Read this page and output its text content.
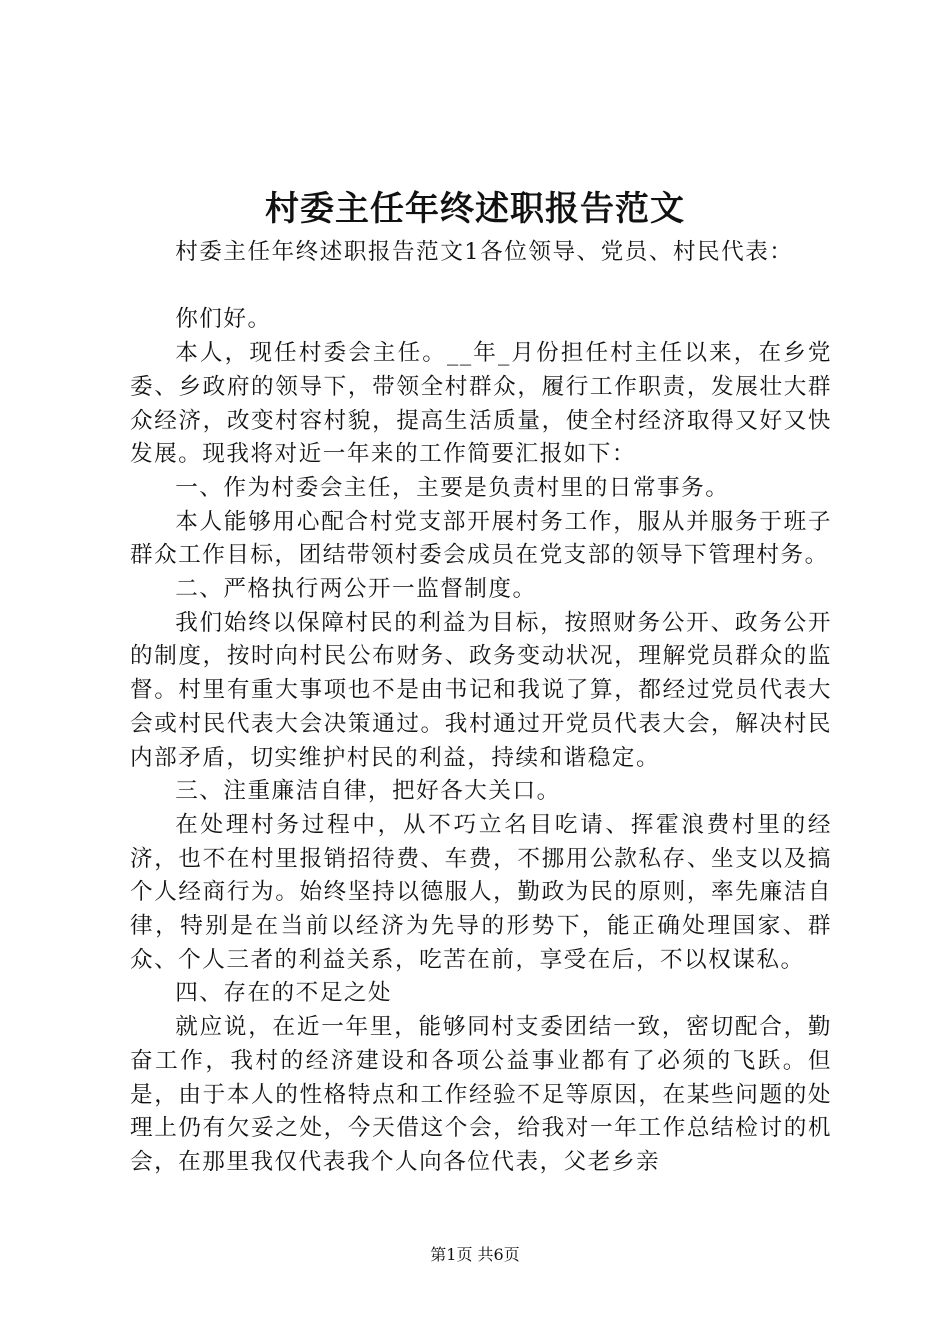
村委主任年终述职报告范文

村委主任年终述职报告范文1各位领导、党员、村民代表：

你们好。

本人，现任村委会主任。__年_月份担任村主任以来，在乡党委、乡政府的领导下，带领全村群众，履行工作职责，发展壮大群众经济，改变村容村貌，提高生活质量，使全村经济取得又好又快发展。现我将对近一年来的工作简要汇报如下：

一、作为村委会主任，主要是负责村里的日常事务。

本人能够用心配合村党支部开展村务工作，服从并服务于班子群众工作目标，团结带领村委会成员在党支部的领导下管理村务。

二、严格执行两公开一监督制度。

我们始终以保障村民的利益为目标，按照财务公开、政务公开的制度，按时向村民公布财务、政务变动状况，理解党员群众的监督。村里有重大事项也不是由书记和我说了算，都经过党员代表大会或村民代表大会决策通过。我村通过开党员代表大会，解决村民内部矛盾，切实维护村民的利益，持续和谐稳定。

三、注重廉洁自律，把好各大关口。

在处理村务过程中，从不巧立名目吃请、挥霍浪费村里的经济，也不在村里报销招待费、车费，不挪用公款私存、坐支以及搞个人经商行为。始终坚持以德服人，勤政为民的原则，率先廉洁自律，特别是在当前以经济为先导的形势下，能正确处理国家、群众、个人三者的利益关系，吃苦在前，享受在后，不以权谋私。

四、存在的不足之处

就应说，在近一年里，能够同村支委团结一致，密切配合，勤奋工作，我村的经济建设和各项公益事业都有了必须的飞跃。但是，由于本人的性格特点和工作经验不足等原因，在某些问题的处理上仍有欠妥之处，今天借这个会，给我对一年工作总结检讨的机会，在那里我仅代表我个人向各位代表，父老乡亲

第1页 共6页
